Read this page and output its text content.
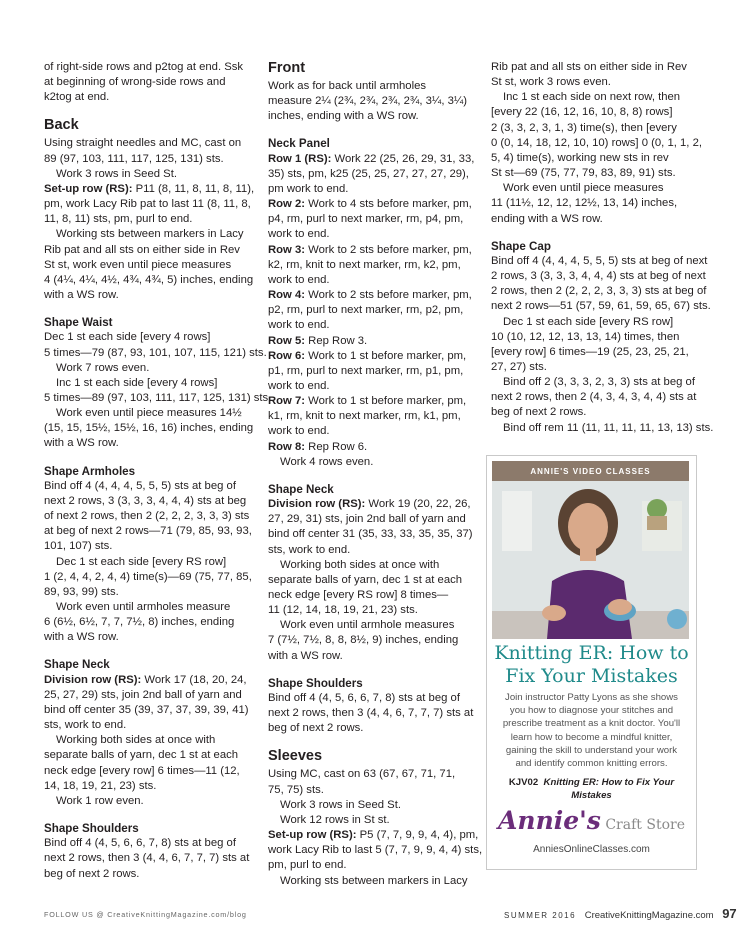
of right-side rows and p2tog at end. Ssk
at beginning of wrong-side rows and
k2tog at end.
Back
Using straight needles and MC, cast on
89 (97, 103, 111, 117, 125, 131) sts.
Work 3 rows in Seed St.
Set-up row (RS): P11 (8, 11, 8, 11, 8, 11),
pm, work Lacy Rib pat to last 11 (8, 11, 8,
11, 8, 11) sts, pm, purl to end.
Working sts between markers in Lacy
Rib pat and all sts on either side in Rev
St st, work even until piece measures
4 (4¼, 4¼, 4½, 4¾, 4¾, 5) inches, ending
with a WS row.
Shape Waist
Dec 1 st each side [every 4 rows]
5 times—79 (87, 93, 101, 107, 115, 121) sts.
Work 7 rows even.
Inc 1 st each side [every 4 rows]
5 times—89 (97, 103, 111, 117, 125, 131) sts.
Work even until piece measures 14½
(15, 15, 15½, 15½, 16, 16) inches, ending
with a WS row.
Shape Armholes
Bind off 4 (4, 4, 4, 5, 5, 5) sts at beg of
next 2 rows, 3 (3, 3, 3, 4, 4, 4) sts at beg
of next 2 rows, then 2 (2, 2, 2, 3, 3, 3) sts
at beg of next 2 rows—71 (79, 85, 93, 93,
101, 107) sts.
Dec 1 st each side [every RS row]
1 (2, 4, 4, 2, 4, 4) time(s)—69 (75, 77, 85,
89, 93, 99) sts.
Work even until armholes measure
6 (6½, 6½, 7, 7, 7½, 8) inches, ending
with a WS row.
Shape Neck
Division row (RS): Work 17 (18, 20, 24,
25, 27, 29) sts, join 2nd ball of yarn and
bind off center 35 (39, 37, 37, 39, 39, 41)
sts, work to end.
Working both sides at once with
separate balls of yarn, dec 1 st at each
neck edge [every row] 6 times—11 (12,
14, 18, 19, 21, 23) sts.
Work 1 row even.
Shape Shoulders
Bind off 4 (4, 5, 6, 6, 7, 8) sts at beg of
next 2 rows, then 3 (4, 4, 6, 7, 7, 7) sts at
beg of next 2 rows.
Front
Work as for back until armholes
measure 2¼ (2¾, 2¾, 2¾, 2¾, 3¼, 3¼)
inches, ending with a WS row.
Neck Panel
Row 1 (RS): Work 22 (25, 26, 29, 31, 33,
35) sts, pm, k25 (25, 25, 27, 27, 27, 29),
pm work to end.
Row 2: Work to 4 sts before marker, pm,
p4, rm, purl to next marker, rm, p4, pm,
work to end.
Row 3: Work to 2 sts before marker, pm,
k2, rm, knit to next marker, rm, k2, pm,
work to end.
Row 4: Work to 2 sts before marker, pm,
p2, rm, purl to next marker, rm, p2, pm,
work to end.
Row 5: Rep Row 3.
Row 6: Work to 1 st before marker, pm,
p1, rm, purl to next marker, rm, p1, pm,
work to end.
Row 7: Work to 1 st before marker, pm,
k1, rm, knit to next marker, rm, k1, pm,
work to end.
Row 8: Rep Row 6.
Work 4 rows even.
Shape Neck
Division row (RS): Work 19 (20, 22, 26,
27, 29, 31) sts, join 2nd ball of yarn and
bind off center 31 (35, 33, 33, 35, 35, 37)
sts, work to end.
Working both sides at once with
separate balls of yarn, dec 1 st at each
neck edge [every RS row] 8 times—
11 (12, 14, 18, 19, 21, 23) sts.
Work even until armhole measures
7 (7½, 7½, 8, 8, 8½, 9) inches, ending
with a WS row.
Shape Shoulders
Bind off 4 (4, 5, 6, 6, 7, 8) sts at beg of
next 2 rows, then 3 (4, 4, 6, 7, 7, 7) sts at
beg of next 2 rows.
Sleeves
Using MC, cast on 63 (67, 67, 71, 71,
75, 75) sts.
Work 3 rows in Seed St.
Work 12 rows in St st.
Set-up row (RS): P5 (7, 7, 9, 9, 4, 4), pm,
work Lacy Rib to last 5 (7, 7, 9, 9, 4, 4) sts,
pm, purl to end.
Working sts between markers in Lacy
Rib pat and all sts on either side in Rev
St st, work 3 rows even.
Inc 1 st each side on next row, then
[every 22 (16, 12, 16, 10, 8, 8) rows]
2 (3, 3, 2, 3, 1, 3) time(s), then [every
0 (0, 14, 18, 12, 10, 10) rows] 0 (0, 1, 1, 2,
5, 4) time(s), working new sts in rev
St st—69 (75, 77, 79, 83, 89, 91) sts.
Work even until piece measures
11 (11½, 12, 12, 12½, 13, 14) inches,
ending with a WS row.
Shape Cap
Bind off 4 (4, 4, 4, 5, 5, 5) sts at beg of next
2 rows, 3 (3, 3, 3, 4, 4, 4) sts at beg of next
2 rows, then 2 (2, 2, 2, 3, 3, 3) sts at beg of
next 2 rows—51 (57, 59, 61, 59, 65, 67) sts.
Dec 1 st each side [every RS row]
10 (10, 12, 12, 13, 13, 14) times, then
[every row] 6 times—19 (25, 23, 25, 21,
27, 27) sts.
Bind off 2 (3, 3, 3, 2, 3, 3) sts at beg of
next 2 rows, then 2 (4, 3, 4, 3, 4, 4) sts at
beg of next 2 rows.
Bind off rem 11 (11, 11, 11, 11, 13, 13) sts.
ANNIE'S VIDEO CLASSES
Knitting ER: How to
Fix Your Mistakes
Join instructor Patty Lyons as she shows
you how to diagnose your stitches and
prescribe treatment as a knit doctor. You'll
learn how to become a mindful knitter,
gaining the skill to understand your work
and identify common knitting errors.
KJV02 Knitting ER: How to Fix Your
Mistakes
Annie's Craft Store
AnniesOnlineClasses.com
FOLLOW US @ CreativeKnittingMagazine.com/blog	SUMMER 2016 CreativeKnittingMagazine.com 97
